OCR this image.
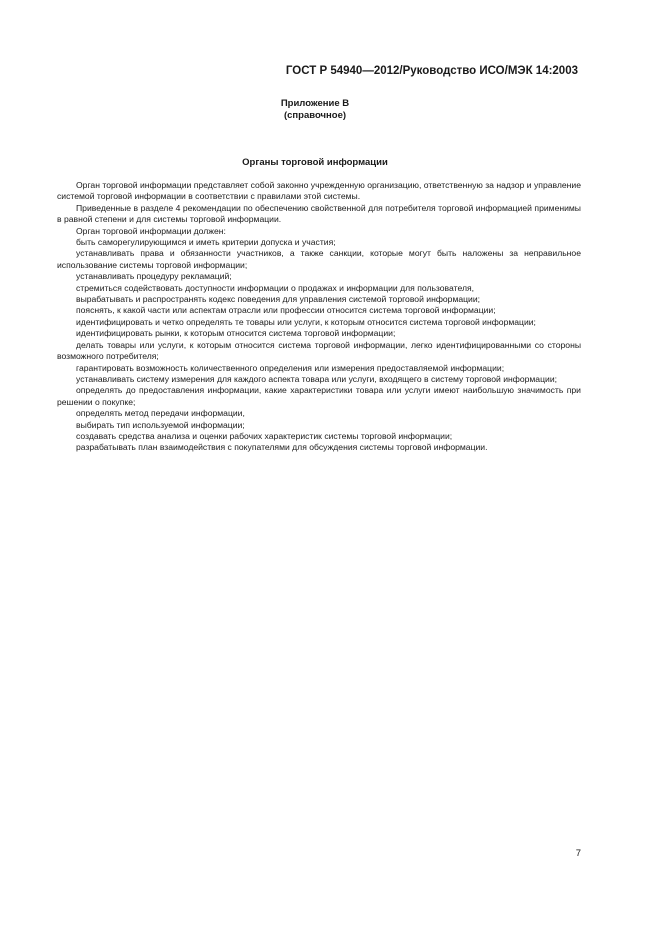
ГОСТ Р 54940—2012/Руководство ИСО/МЭК 14:2003
Приложение В
(справочное)
Органы торговой информации

Орган торговой информации представляет собой законно учрежденную организацию, ответственную за надзор и управление системой торговой информации в соответствии с правилами этой системы.

Приведенные в разделе 4 рекомендации по обеспечению свойственной для потребителя торговой информацией применимы в равной степени и для системы торговой информации.

Орган торговой информации должен:

быть саморегулирующимся и иметь критерии допуска и участия;

устанавливать права и обязанности участников, а также санкции, которые могут быть наложены за неправильное использование системы торговой информации;

устанавливать процедуру рекламаций;

стремиться содействовать доступности информации о продажах и информации для пользователя,

вырабатывать и распространять кодекс поведения для управления системой торговой информации;

пояснять, к какой части или аспектам отрасли или профессии относится система торговой информации;

идентифицировать и четко определять те товары или услуги, к которым относится система торговой информации;

идентифицировать рынки, к которым относится система торговой информации;

делать товары или услуги, к которым относится система торговой информации, легко идентифицированными со стороны возможного потребителя;

гарантировать возможность количественного определения или измерения предоставляемой информации;

устанавливать систему измерения для каждого аспекта товара или услуги, входящего в систему торговой информации;

определять до предоставления информации, какие характеристики товара или услуги имеют наибольшую значимость при решении о покупке;

определять метод передачи информации,

выбирать тип используемой информации;

создавать средства анализа и оценки рабочих характеристик системы торговой информации;

разрабатывать план взаимодействия с покупателями для обсуждения системы торговой информации.

7
